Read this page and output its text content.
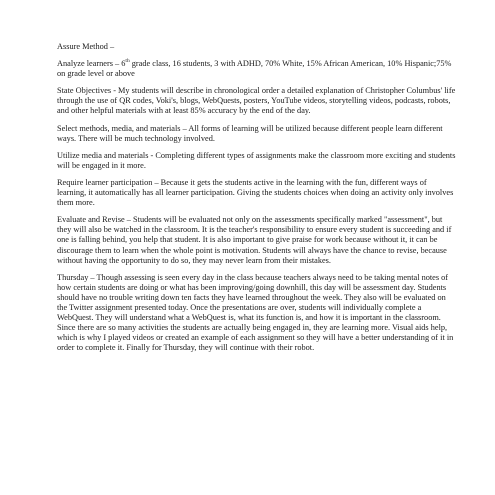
Assure Method –

Analyze learners – 6th grade class, 16 students, 3 with ADHD, 70% White, 15% African American, 10% Hispanic;75% on grade level or above

State Objectives - My students will describe in chronological order a detailed explanation of Christopher Columbus' life through the use of QR codes, Voki's, blogs, WebQuests, posters, YouTube videos, storytelling videos, podcasts, robots, and other helpful materials with at least 85% accuracy by the end of the day.

Select methods, media, and materials – All forms of learning will be utilized because different people learn different ways. There will be much technology involved.

Utilize media and materials - Completing different types of assignments make the classroom more exciting and students will be engaged in it more.

Require learner participation – Because it gets the students active in the learning with the fun, different ways of learning, it automatically has all learner participation. Giving the students choices when doing an activity only involves them more.

Evaluate and Revise – Students will be evaluated not only on the assessments specifically marked "assessment", but they will also be watched in the classroom. It is the teacher's responsibility to ensure every student is succeeding and if one is falling behind, you help that student. It is also important to give praise for work because without it, it can be discourage them to learn when the whole point is motivation. Students will always have the chance to revise, because without having the opportunity to do so, they may never learn from their mistakes.

Thursday – Though assessing is seen every day in the class because teachers always need to be taking mental notes of how certain students are doing or what has been improving/going downhill, this day will be assessment day. Students should have no trouble writing down ten facts they have learned throughout the week. They also will be evaluated on the Twitter assignment presented today. Once the presentations are over, students will individually complete a WebQuest. They will understand what a WebQuest is, what its function is, and how it is important in the classroom. Since there are so many activities the students are actually being engaged in, they are learning more. Visual aids help, which is why I played videos or created an example of each assignment so they will have a better understanding of it in order to complete it. Finally for Thursday, they will continue with their robot.
